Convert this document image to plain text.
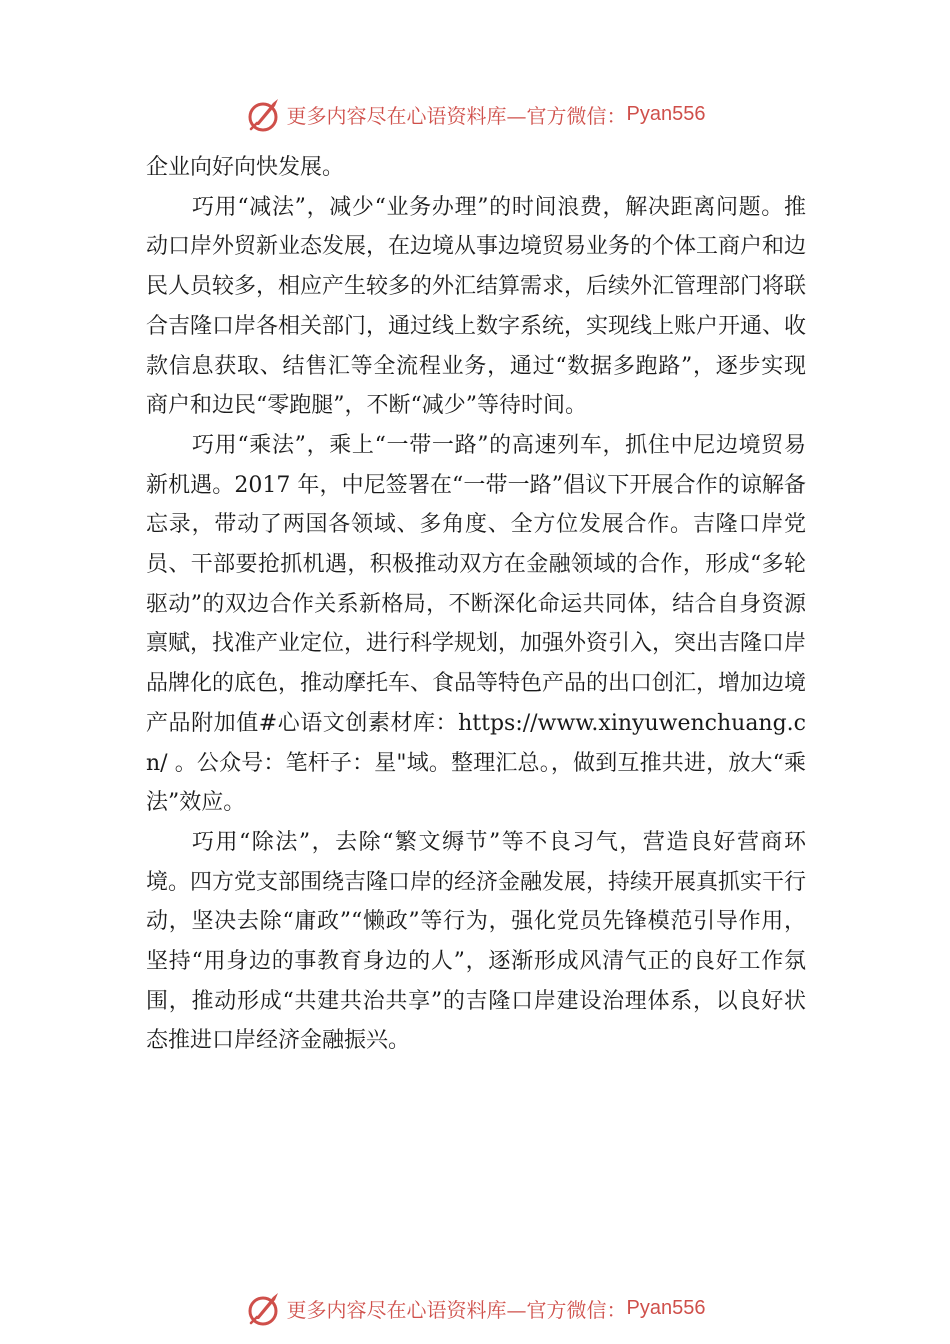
更多内容尽在心语资料库—官方微信： Pyan556

企业向好向快发展。

巧用“减法”，减少“业务办理”的时间浪费，解决距离问题。推动口岸外贸新业态发展，在边境从事边境贸易业务的个体工商户和边民人员较多，相应产生较多的外汇结算需求，后续外汇管理部门将联合吉隆口岸各相关部门，通过线上数字系统，实现线上账户开通、收款信息获取、结售汇等全流程业务，通过“数据多跑路”，逐步实现商户和边民“零跑腿”，不断“减少”等待时间。

巧用“乘法”，乘上“一带一路”的高速列车，抓住中尼边境贸易新机遇。2017 年，中尼签署在“一带一路”倡议下开展合作的谅解备忘录，带动了两国各领域、多角度、全方位发展合作。吉隆口岸党员、干部要抢抓机遇，积极推动双方在金融领域的合作，形成“多轮驱动”的双边合作关系新格局，不断深化命运共同体，结合自身资源禀赋，找准产业定位，进行科学规划，加强外资引入，突出吉隆口岸品牌化的底色，推动摩托车、食品等特色产品的出口创汇，增加边境产品附加值#心语文创素材库：https://www.xinyuwenchuang.cn/ 。公众号：笔杆子：星"域。整理汇总。，做到互推共进，放大“乘法”效应。

巧用“除法”，去除“繁文缛节”等不良习气，营造良好营商环境。四方党支部围绕吉隆口岸的经济金融发展，持续开展真抓实干行动，坚决去除“庸政”“懒政”等行为，强化党员先锋模范引导作用，坚持“用身边的事教育身边的人”，逐渐形成风清气正的良好工作氛围，推动形成“共建共治共享”的吉隆口岸建设治理体系，以良好状态推进口岸经济金融振兴。

更多内容尽在心语资料库—官方微信： Pyan556
